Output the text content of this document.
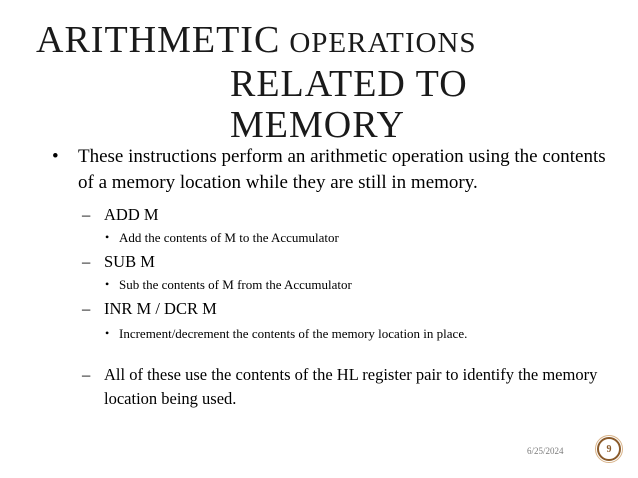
ARITHMETIC OPERATIONS
RELATED TO
MEMORY
• These instructions perform an arithmetic operation using the contents of a memory location while they are still in memory.
– ADD M
• Add the contents of M to the Accumulator
– SUB M
• Sub the contents of M from the Accumulator
– INR M / DCR M
• Increment/decrement the contents of the memory location in place.
– All of these use the contents of the HL register pair to identify the memory location being used.
6/25/2024	9
